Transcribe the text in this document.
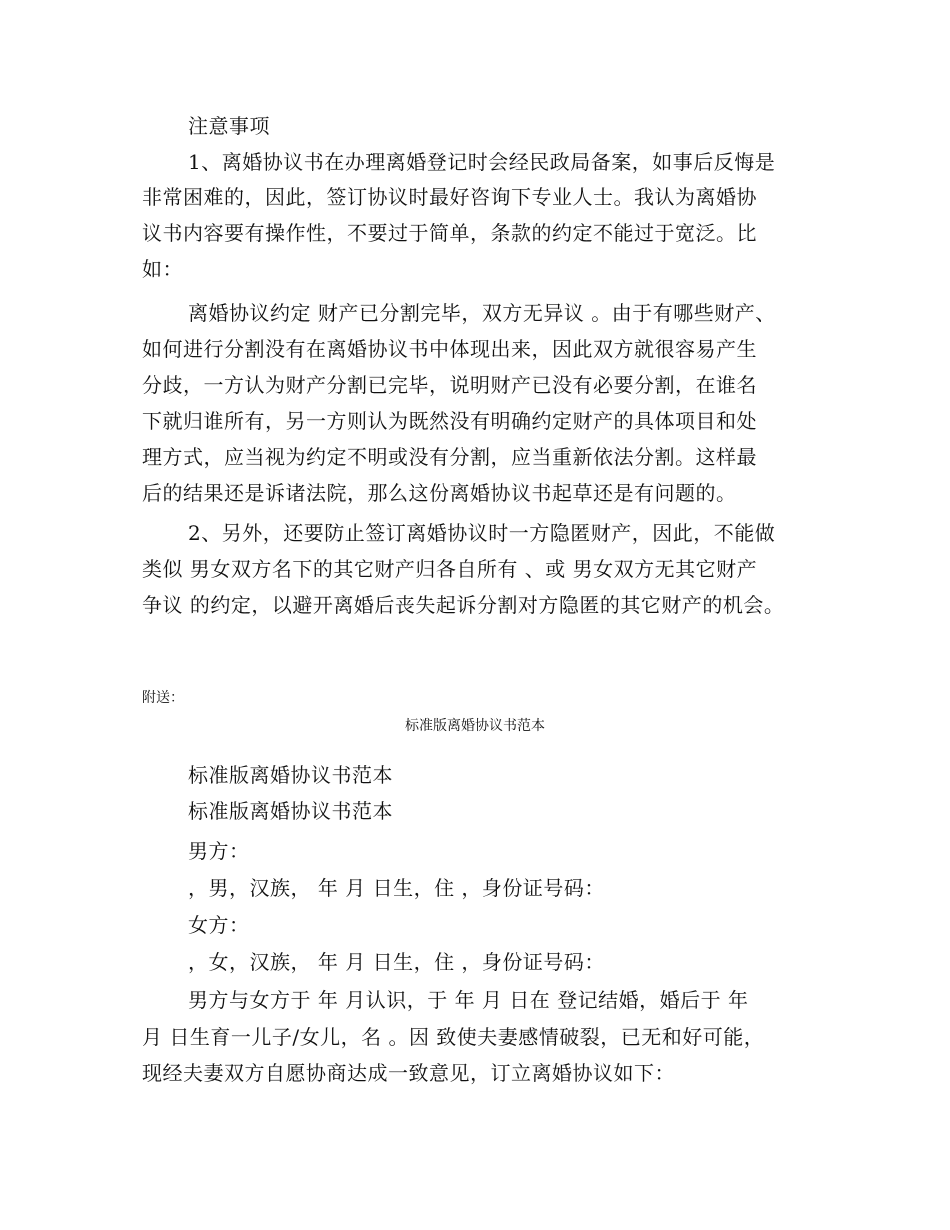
注意事项

1、离婚协议书在办理离婚登记时会经民政局备案，如事后反悔是

非常困难的，因此，签订协议时最好咨询下专业人士。我认为离婚协

议书内容要有操作性，不要过于简单，条款的约定不能过于宽泛。比

如：

离婚协议约定 财产已分割完毕，双方无异议 。由于有哪些财产、

如何进行分割没有在离婚协议书中体现出来，因此双方就很容易产生

分歧，一方认为财产分割已完毕，说明财产已没有必要分割，在谁名

下就归谁所有，另一方则认为既然没有明确约定财产的具体项目和处

理方式，应当视为约定不明或没有分割，应当重新依法分割。这样最

后的结果还是诉诸法院，那么这份离婚协议书起草还是有问题的。

2、另外，还要防止签订离婚协议时一方隐匿财产，因此，不能做

类似 男女双方名下的其它财产归各自所有 、或 男女双方无其它财产

争议 的约定，以避开离婚后丧失起诉分割对方隐匿的其它财产的机会。

附送：

标准版离婚协议书范本

标准版离婚协议书范本

标准版离婚协议书范本

男方：

，男，汉族， 年 月 日生，住 ，身份证号码：

女方：

，女，汉族， 年 月 日生，住 ，身份证号码：

男方与女方于 年 月认识，于 年 月 日在 登记结婚，婚后于 年

月 日生育一儿子/女儿，名 。因 致使夫妻感情破裂，已无和好可能，

现经夫妻双方自愿协商达成一致意见，订立离婚协议如下：
